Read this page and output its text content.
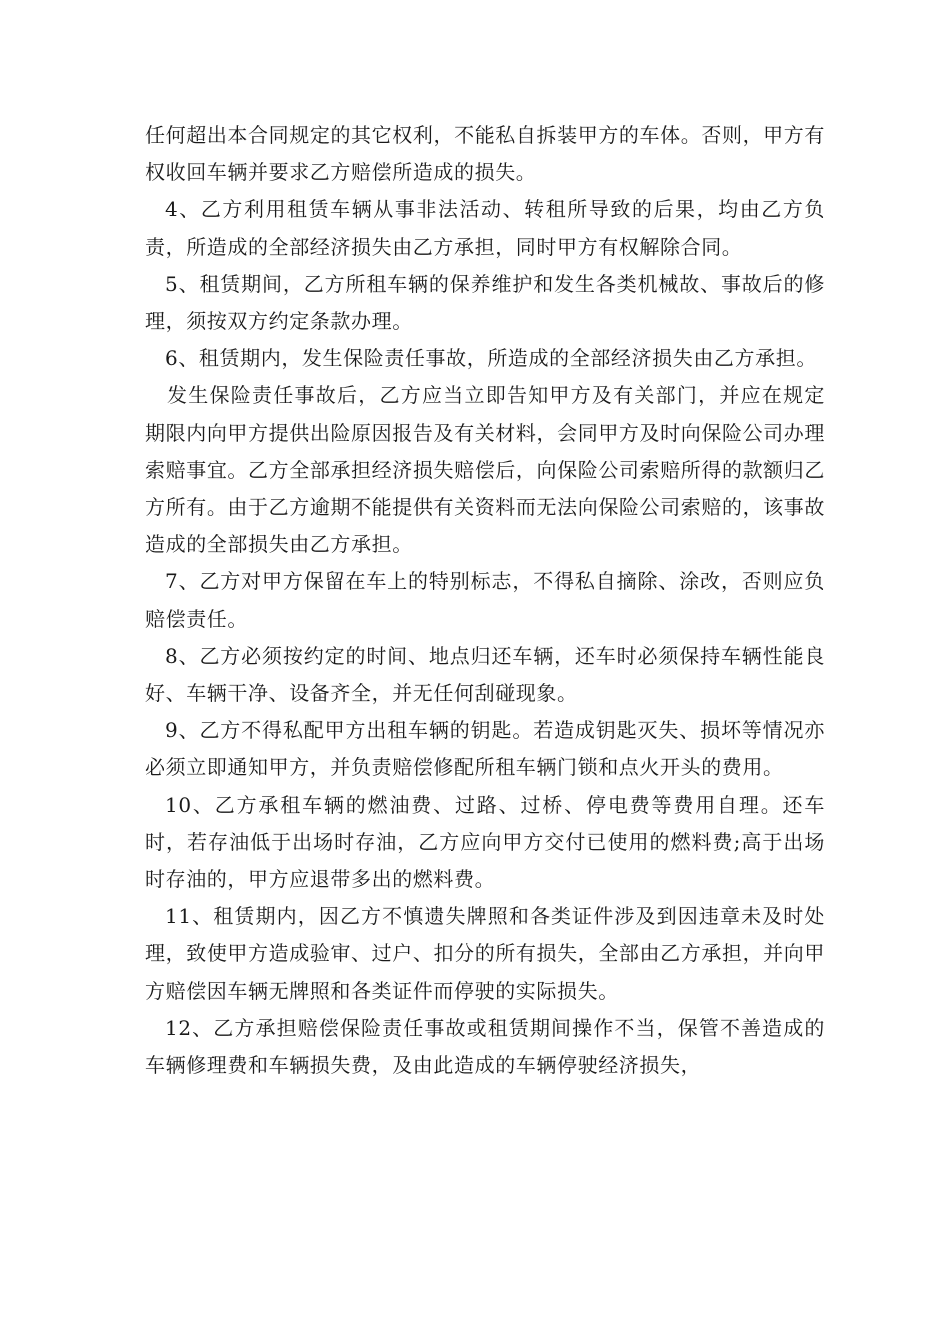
任何超出本合同规定的其它权利，不能私自拆装甲方的车体。否则，甲方有权收回车辆并要求乙方赔偿所造成的损失。

4、乙方利用租赁车辆从事非法活动、转租所导致的后果，均由乙方负责，所造成的全部经济损失由乙方承担，同时甲方有权解除合同。

5、租赁期间，乙方所租车辆的保养维护和发生各类机械故、事故后的修理，须按双方约定条款办理。

6、租赁期内，发生保险责任事故，所造成的全部经济损失由乙方承担。

发生保险责任事故后，乙方应当立即告知甲方及有关部门，并应在规定期限内向甲方提供出险原因报告及有关材料，会同甲方及时向保险公司办理索赔事宜。乙方全部承担经济损失赔偿后，向保险公司索赔所得的款额归乙方所有。由于乙方逾期不能提供有关资料而无法向保险公司索赔的，该事故造成的全部损失由乙方承担。

7、乙方对甲方保留在车上的特别标志，不得私自摘除、涂改，否则应负赔偿责任。

8、乙方必须按约定的时间、地点归还车辆，还车时必须保持车辆性能良好、车辆干净、设备齐全，并无任何刮碰现象。

9、乙方不得私配甲方出租车辆的钥匙。若造成钥匙灭失、损坏等情况亦必须立即通知甲方，并负责赔偿修配所租车辆门锁和点火开头的费用。

10、乙方承租车辆的燃油费、过路、过桥、停电费等费用自理。还车时，若存油低于出场时存油，乙方应向甲方交付已使用的燃料费;高于出场时存油的，甲方应退带多出的燃料费。

11、租赁期内，因乙方不慎遗失牌照和各类证件涉及到因违章未及时处理，致使甲方造成验审、过户、扣分的所有损失，全部由乙方承担，并向甲方赔偿因车辆无牌照和各类证件而停驶的实际损失。

12、乙方承担赔偿保险责任事故或租赁期间操作不当，保管不善造成的车辆修理费和车辆损失费，及由此造成的车辆停驶经济损失，
